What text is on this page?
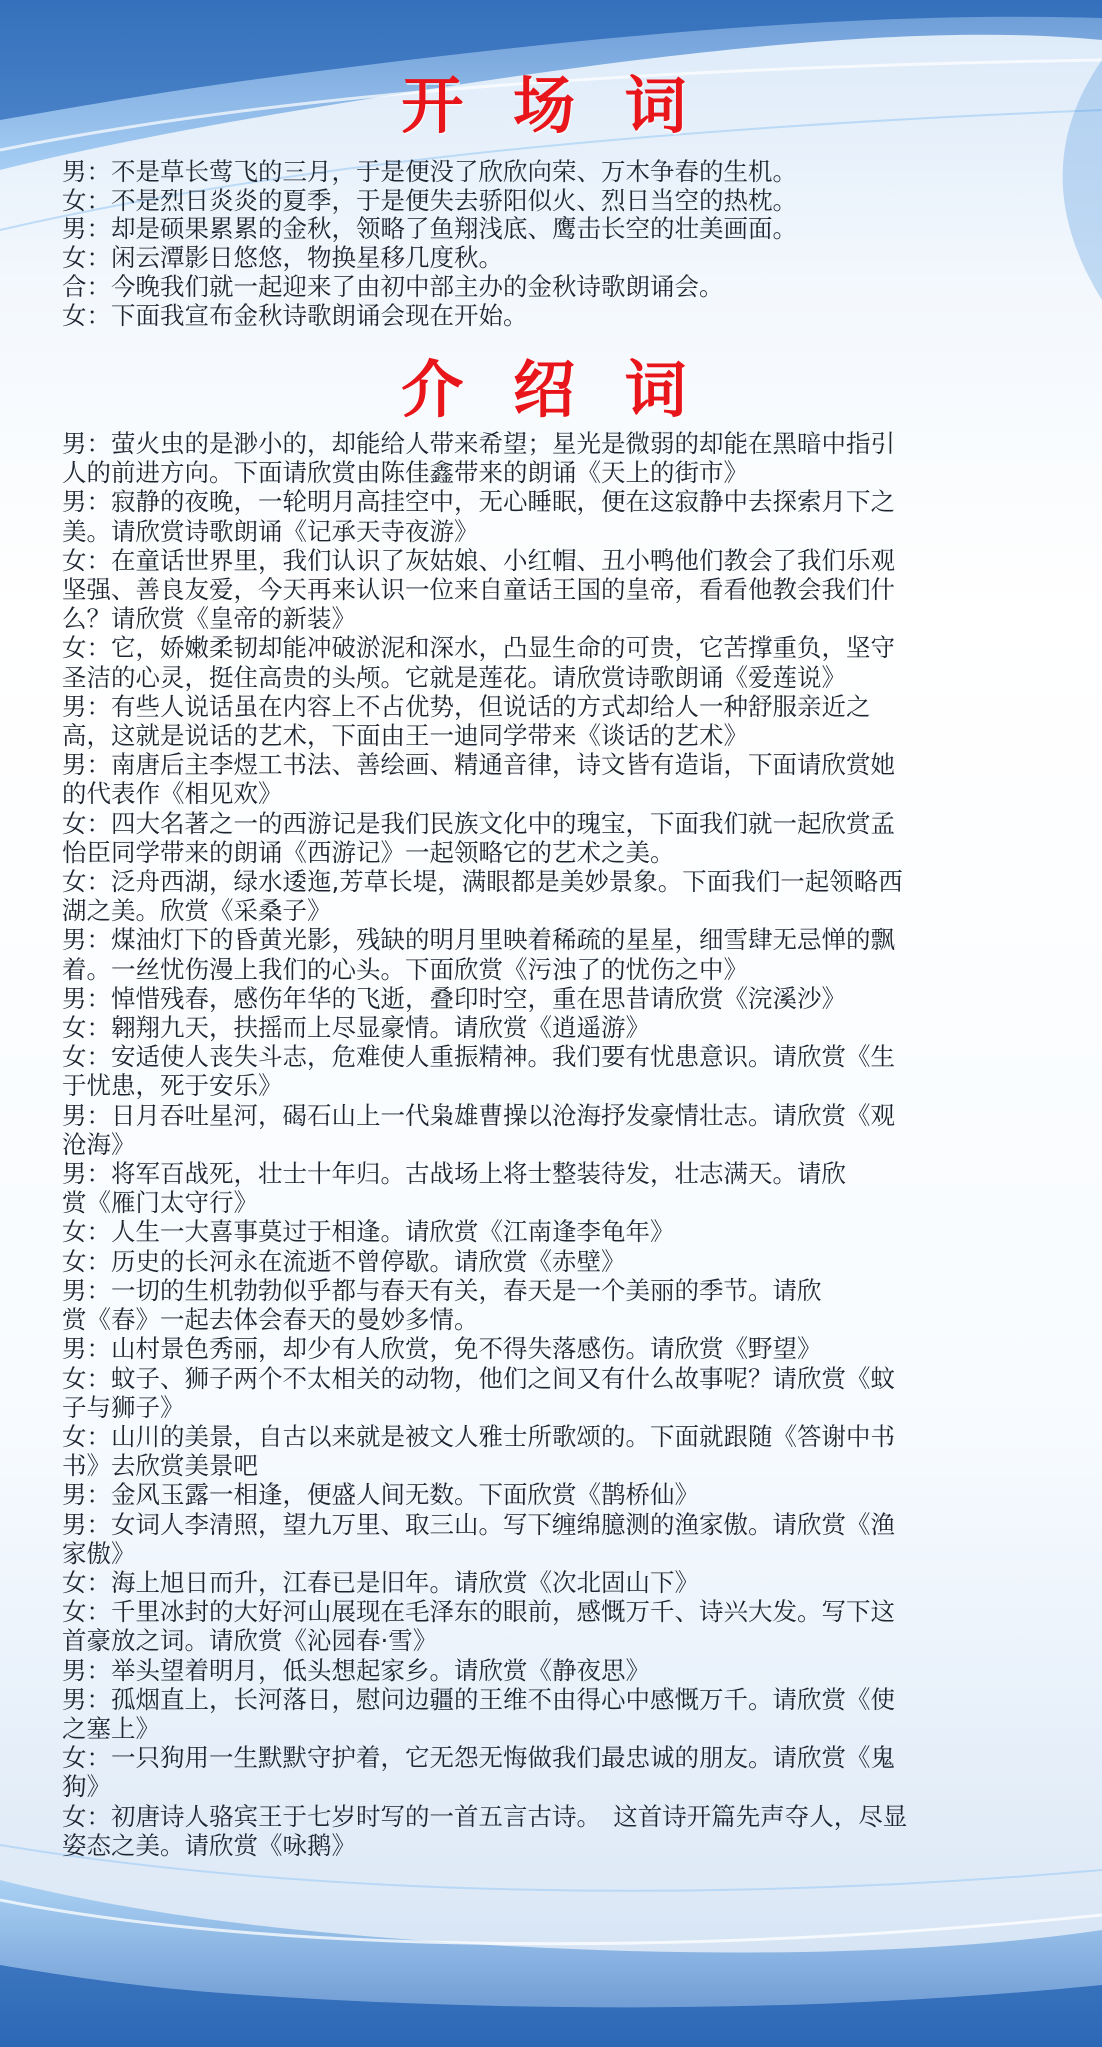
开 场 词
男：不是草长莺飞的三月，于是便没了欣欣向荣、万木争春的生机。
女：不是烈日炎炎的夏季，于是便失去骄阳似火、烈日当空的热枕。
男：却是硕果累累的金秋，领略了鱼翔浅底、鹰击长空的壮美画面。
女：闲云潭影日悠悠，物换星移几度秋。
合：今晚我们就一起迎来了由初中部主办的金秋诗歌朗诵会。
女：下面我宣布金秋诗歌朗诵会现在开始。
介 绍 词
男：萤火虫的是渺小的，却能给人带来希望；星光是微弱的却能在黑暗中指引
人的前进方向。下面请欣赏由陈佳鑫带来的朗诵《天上的街市》
男：寂静的夜晚，一轮明月高挂空中，无心睡眠，便在这寂静中去探索月下之
美。请欣赏诗歌朗诵《记承天寺夜游》
女：在童话世界里，我们认识了灰姑娘、小红帽、丑小鸭他们教会了我们乐观
坚强、善良友爱，今天再来认识一位来自童话王国的皇帝，看看他教会我们什
么？请欣赏《皇帝的新装》
女：它，娇嫩柔韧却能冲破淤泥和深水，凸显生命的可贵，它苦撑重负，坚守
圣洁的心灵，挺住高贵的头颅。它就是莲花。请欣赏诗歌朗诵《爱莲说》
男：有些人说话虽在内容上不占优势，但说话的方式却给人一种舒服亲近之
高，这就是说话的艺术，下面由王一迪同学带来《谈话的艺术》
男：南唐后主李煜工书法、善绘画、精通音律，诗文皆有造诣，下面请欣赏她
的代表作《相见欢》
女：四大名著之一的西游记是我们民族文化中的瑰宝，下面我们就一起欣赏孟
怡臣同学带来的朗诵《西游记》一起领略它的艺术之美。
女：泛舟西湖，绿水逶迤,芳草长堤，满眼都是美妙景象。下面我们一起领略西
湖之美。欣赏《采桑子》
男：煤油灯下的昏黄光影，残缺的明月里映着稀疏的星星，细雪肆无忌惮的飘
着。一丝忧伤漫上我们的心头。下面欣赏《污浊了的忧伤之中》
男：悼惜残春，感伤年华的飞逝，叠印时空，重在思昔请欣赏《浣溪沙》
女：翱翔九天，扶摇而上尽显豪情。请欣赏《逍遥游》
女：安适使人丧失斗志，危难使人重振精神。我们要有忧患意识。请欣赏《生
于忧患，死于安乐》
男：日月吞吐星河，碣石山上一代枭雄曹操以沧海抒发豪情壮志。请欣赏《观
沧海》
男：将军百战死，壮士十年归。古战场上将士整装待发，壮志满天。请欣
赏《雁门太守行》
女：人生一大喜事莫过于相逢。请欣赏《江南逢李龟年》
女：历史的长河永在流逝不曾停歇。请欣赏《赤壁》
男：一切的生机勃勃似乎都与春天有关，春天是一个美丽的季节。请欣
赏《春》一起去体会春天的曼妙多情。
男：山村景色秀丽，却少有人欣赏，免不得失落感伤。请欣赏《野望》
女：蚊子、狮子两个不太相关的动物，他们之间又有什么故事呢？请欣赏《蚊
子与狮子》
女：山川的美景，自古以来就是被文人雅士所歌颂的。下面就跟随《答谢中书
书》去欣赏美景吧
男：金风玉露一相逢，便盛人间无数。下面欣赏《鹊桥仙》
男：女词人李清照，望九万里、取三山。写下缠绵臆测的渔家傲。请欣赏《渔
家傲》
女：海上旭日而升，江春已是旧年。请欣赏《次北固山下》
女：千里冰封的大好河山展现在毛泽东的眼前，感慨万千、诗兴大发。写下这
首豪放之词。请欣赏《沁园春·雪》
男：举头望着明月，低头想起家乡。请欣赏《静夜思》
男：孤烟直上，长河落日，慰问边疆的王维不由得心中感慨万千。请欣赏《使
之塞上》
女：一只狗用一生默默守护着，它无怨无悔做我们最忠诚的朋友。请欣赏《鬼
狗》
女：初唐诗人骆宾王于七岁时写的一首五言古诗。　这首诗开篇先声夺人，尽显
姿态之美。请欣赏《咏鹅》
